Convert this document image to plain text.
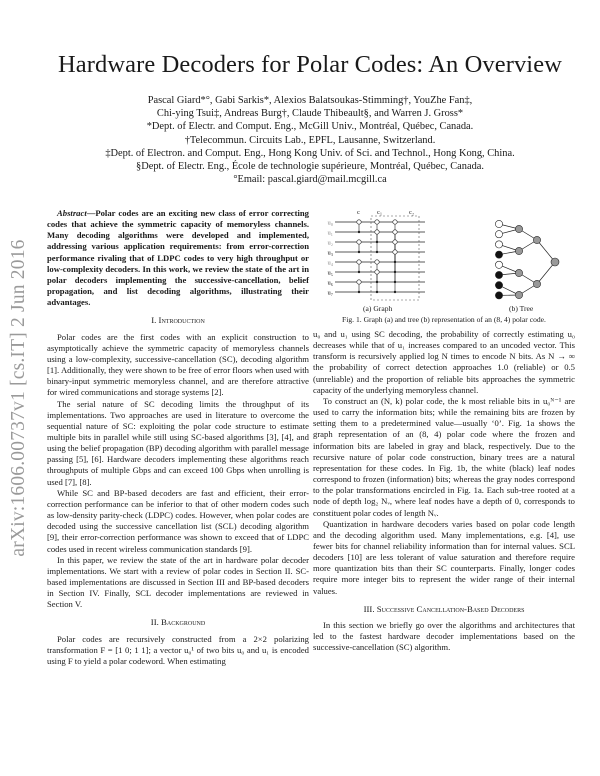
arXiv:1606.00737v1 [cs.IT] 2 Jun 2016
Hardware Decoders for Polar Codes: An Overview
Pascal Giard*°, Gabi Sarkis*, Alexios Balatsoukas-Stimming†, YouZhe Fan‡,
Chi-ying Tsui‡, Andreas Burg†, Claude Thibeault§, and Warren J. Gross*
*Dept. of Electr. and Comput. Eng., McGill Univ., Montréal, Québec, Canada.
†Telecommun. Circuits Lab., EPFL, Lausanne, Switzerland.
‡Dept. of Electron. and Comput. Eng., Hong Kong Univ. of Sci. and Technol., Hong Kong, China.
§Dept. of Electr. Eng., École de technologie supérieure, Montréal, Québec, Canada.
°Email: pascal.giard@mail.mcgill.ca

Abstract—Polar codes are an exciting new class of error correcting codes that achieve the symmetric capacity of memoryless channels. Many decoding algorithms were developed and implemented, addressing various application requirements: from error-correction performance rivaling that of LDPC codes to very high throughput or low-complexity decoders. In this work, we review the state of the art in polar decoders implementing the successive-cancellation, belief propagation, and list decoding algorithms, illustrating their advantages.

I. Introduction

Polar codes are the first codes with an explicit construction to asymptotically achieve the symmetric capacity of memoryless channels using a low-complexity, successive-cancellation (SC), decoding algorithm [1]. Additionally, they were shown to be free of error floors when used with binary-input symmetric memoryless channel, and are therefore attractive for wired communications and storage systems [2].

The serial nature of SC decoding limits the throughput of its implementations. Two approaches are used in literature to overcome the sequential nature of SC: exploiting the polar code structure to estimate multiple bits in parallel while still using SC-based algorithms [3], [4], and using the belief propagation (BP) decoding algorithm with parallel message passing [5], [6]. Hardware decoders implementing these algorithms reach throughputs of multiple Gbps and can exceed 100 Gbps when unrolling is used [7], [8].

While SC and BP-based decoders are fast and efficient, their error-correction performance can be inferior to that of other modern codes such as low-density parity-check (LDPC) codes. However, when polar codes are decoded using the successive cancellation list (SCL) decoding algorithm [9], their error-correction performance was shown to exceed that of LDPC codes used in recent wireless communication standards [9].

In this paper, we review the state of the art in hardware polar decoder implementations. We start with a review of polar codes in Section II. SC-based implementations are discussed in Section III and BP-based decoders in Section IV. Finally, SCL decoder implementations are reviewed in Section V.

II. Background

Polar codes are recursively constructed from a 2×2 polarizing transformation F = [1 0; 1 1]; a vector u₀¹ of two bits u₀ and u₁ is encoded using F to yield a polar codeword. When estimating

u₀
u₁
u₂
u₃
u₄
u₅
u₆
u₇
c	c₁	c₂
(a) Graph	(b) Tree
Fig. 1. Graph (a) and tree (b) representation of an (8, 4) polar code.

u₀ and u₁ using SC decoding, the probability of correctly estimating u₀ decreases while that of u₁ increases compared to an uncoded vector. This transform is recursively applied log N times to encode N bits. As N → ∞ the probability of correct detection approaches 1.0 (reliable) or 0.5 (unreliable) and the proportion of reliable bits approaches the symmetric capacity of the underlying memoryless channel.

To construct an (N, k) polar code, the k most reliable bits in u₀ᴺ⁻¹ are used to carry the information bits; while the remaining bits are frozen by setting them to a predetermined value—usually ‘0’. Fig. 1a shows the graph representation of an (8, 4) polar code where the frozen and information bits are labeled in gray and black, respectively. Due to the recursive nature of polar code construction, binary trees are a natural representation for these codes. In Fig. 1b, the white (black) leaf nodes correspond to frozen (information) bits; whereas the gray nodes correspond to the polar transformations encircled in Fig. 1a. Each sub-tree rooted at a node of depth log₂ Nᵥ, where leaf nodes have a depth of 0, corresponds to constituent polar codes of length Nᵥ.

Quantization in hardware decoders varies based on polar code length and the decoding algorithm used. Many implementations, e.g. [4], use fewer bits for channel reliability information than for internal values. SCL decoders [10] are less tolerant of value saturation and therefore require more quantization bits than their SC counterparts. Finally, longer codes require more integer bits to represent the wider range of their internal values.

III. Successive Cancellation-Based Decoders

In this section we briefly go over the algorithms and architectures that led to the fastest hardware decoder implementations based on the successive-cancellation (SC) algorithm.
